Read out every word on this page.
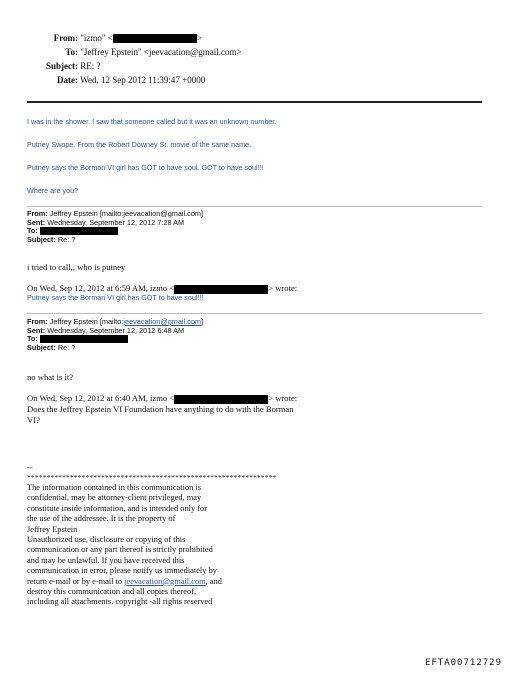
From: "izmo" <	>
To: "Jeffrey Epstein" <jeevacation@gmail.com>
Subject: RE: ?
Date: Wed, 12 Sep 2012 11:39:47 +0000
I was in the shower. I saw that someone called but it was an unknown number.
Putney Swope. From the Robert Downey Sr. movie of the same name.
Putney says the Borman VI girl has GOT to have soul. GOT to have soul!!!
Where are you?
From: Jeffrey Epstein [mailto:jeevacation@gmail.com]
Sent: Wednesday, September 12, 2012 7:28 AM
To:
Subject: Re: ?
i tried to call,, who is putney
On Wed, Sep 12, 2012 at 6:59 AM, izmo <	> wrote:
Putney says the Borman VI girl has GOT to have soul!!!
From: Jeffrey Epstein [mailto:jeevacation@gmail.com]
Sent: Wednesday, September 12, 2012 6:48 AM
To:
Subject: Re: ?
no what is it?
On Wed, Sep 12, 2012 at 6:40 AM, izmo <	> wrote:
Does the Jeffrey Epstein VI Foundation have anything to do with the Borman
VI?
--
****************************************************************
The information contained in this communication is
confidential, may be attorney-client privileged, may
constitute inside information, and is intended only for
the use of the addressee. It is the property of
Jeffrey Epstein
Unauthorized use, disclosure or copying of this
communication or any part thereof is strictly prohibited
and may be unlawful. If you have received this
communication in error, please notify us immediately by
return e-mail or by e-mail to jeevacation@gmail.com, and
destroy this communication and all copies thereof,
including all attachments. copyright -all rights reserved
EFTA00712729
